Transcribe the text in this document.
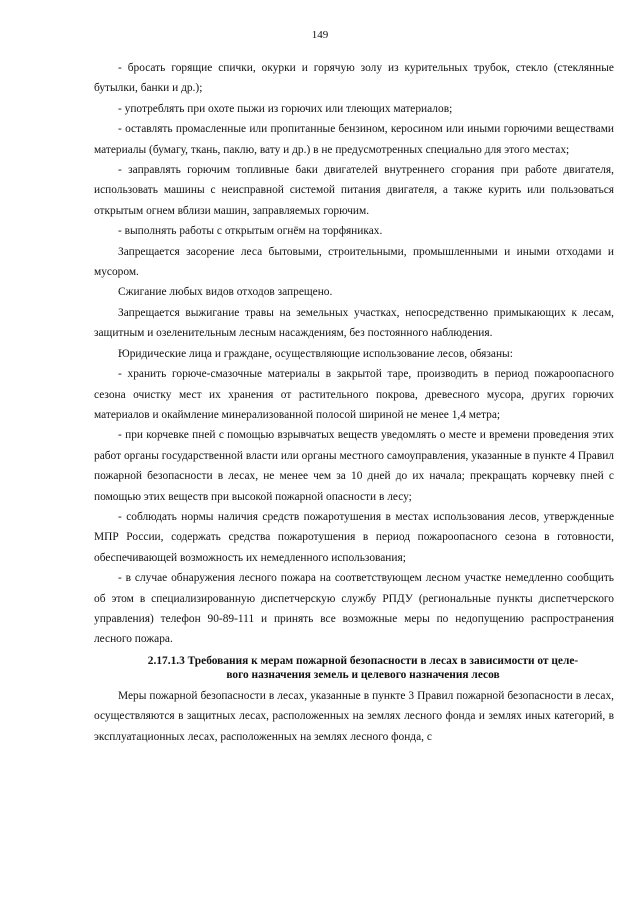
149

- бросать горящие спички, окурки и горячую золу из курительных трубок, стекло (стеклянные бутылки, банки и др.);

- употреблять при охоте пыжи из горючих или тлеющих материалов;

- оставлять промасленные или пропитанные бензином, керосином или иными горючими веществами материалы (бумагу, ткань, паклю, вату и др.) в не предусмотренных специально для этого местах;

- заправлять горючим топливные баки двигателей внутреннего сгорания при работе двигателя, использовать машины с неисправной системой питания двигателя, а также курить или пользоваться открытым огнем вблизи машин, заправляемых горючим.

- выполнять работы с открытым огнём на торфяниках.

Запрещается засорение леса бытовыми, строительными, промышленными и иными отходами и мусором.

Сжигание любых видов отходов запрещено.

Запрещается выжигание травы на земельных участках, непосредственно примыкающих к лесам, защитным и озеленительным лесным насаждениям, без постоянного наблюдения.

Юридические лица и граждане, осуществляющие использование лесов, обязаны:

- хранить горюче-смазочные материалы в закрытой таре, производить в период пожароопасного сезона очистку мест их хранения от растительного покрова, древесного мусора, других горючих материалов и окаймление минерализованной полосой шириной не менее 1,4 метра;

- при корчевке пней с помощью взрывчатых веществ уведомлять о месте и времени проведения этих работ органы государственной власти или органы местного самоуправления, указанные в пункте 4 Правил пожарной безопасности в лесах, не менее чем за 10 дней до их начала; прекращать корчевку пней с помощью этих веществ при высокой пожарной опасности в лесу;

- соблюдать нормы наличия средств пожаротушения в местах использования лесов, утвержденные МПР России, содержать средства пожаротушения в период пожароопасного сезона в готовности, обеспечивающей возможность их немедленного использования;

- в случае обнаружения лесного пожара на соответствующем лесном участке немедленно сообщить об этом в специализированную диспетчерскую службу РПДУ (региональные пункты диспетчерского управления) телефон 90-89-111 и принять все возможные меры по недопущению распространения лесного пожара.

2.17.1.3 Требования к мерам пожарной безопасности в лесах в зависимости от целе-
вого назначения земель и целевого назначения лесов

Меры пожарной безопасности в лесах, указанные в пункте 3 Правил пожарной безопасности в лесах, осуществляются в защитных лесах, расположенных на землях лесного фонда и землях иных категорий, в эксплуатационных лесах, расположенных на землях лесного фонда, с
